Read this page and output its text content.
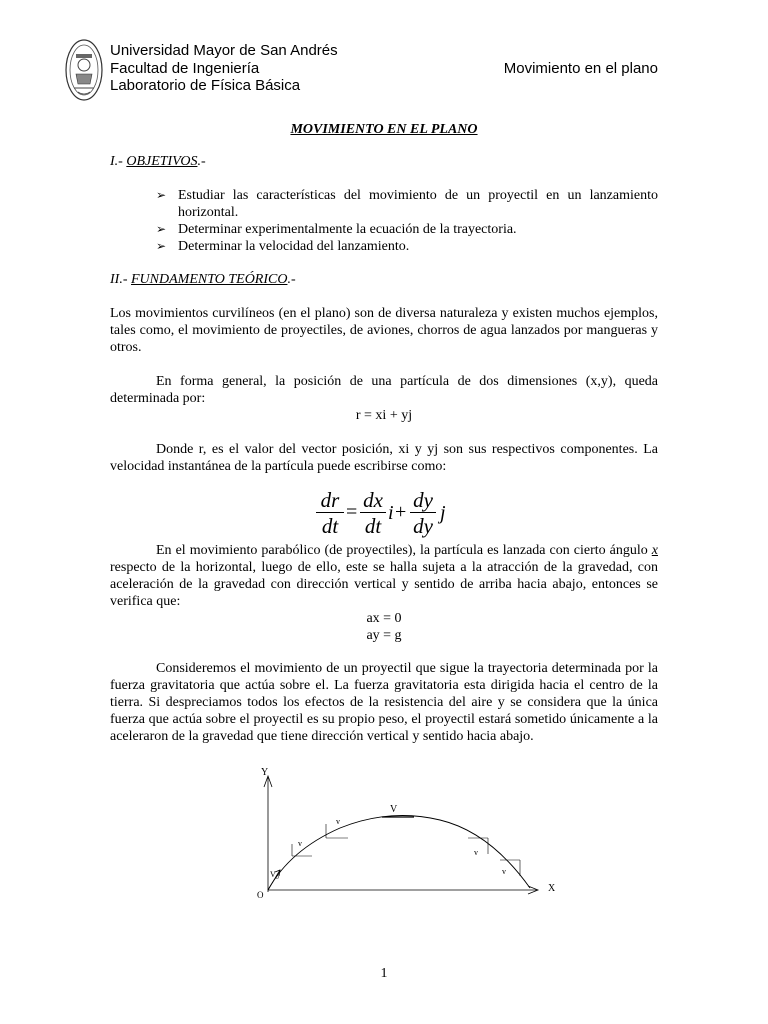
Universidad Mayor de San Andrés
Facultad de Ingeniería
Laboratorio de Física Básica
Movimiento en el plano
MOVIMIENTO EN EL PLANO
I.- OBJETIVOS.-
➢ Estudiar las características del movimiento de un proyectil en un lanzamiento horizontal.
➢ Determinar experimentalmente la ecuación de la trayectoria.
➢ Determinar la velocidad del lanzamiento.
II.- FUNDAMENTO TEÓRICO.-
Los movimientos curvilíneos (en el plano) son de diversa naturaleza y existen muchos ejemplos, tales como, el movimiento de proyectiles, de aviones, chorros de agua lanzados por mangueras y otros.
En forma general, la posición de una partícula de dos dimensiones (x,y), queda determinada por:
r = xi + yj
Donde r, es el valor del vector posición, xi y yj son sus respectivos componentes. La velocidad instantánea de la partícula puede escribirse como:
dr
dt
= dx
dt
i + dy
dy
j
En el movimiento parabólico (de proyectiles), la partícula es lanzada con cierto ángulo x respecto de la horizontal, luego de ello, este se halla sujeta a la atracción de la gravedad, con aceleración de la gravedad con dirección vertical y sentido de arriba hacia abajo, entonces se verifica que:
ax = 0
ay = g
Consideremos el movimiento de un proyectil que sigue la trayectoria determinada por la fuerza gravitatoria que actúa sobre el. La fuerza gravitatoria esta dirigida hacia el centro de la tierra. Si despreciamos todos los efectos de la resistencia del aire y se considera que la única fuerza que actúa sobre el proyectil es su propio peso, el proyectil estará sometido únicamente a la aceleraron de la gravedad que tiene dirección vertical y sentido hacia abajo.
Y
X
O
$V_0$
v
v
V
v
v
1
